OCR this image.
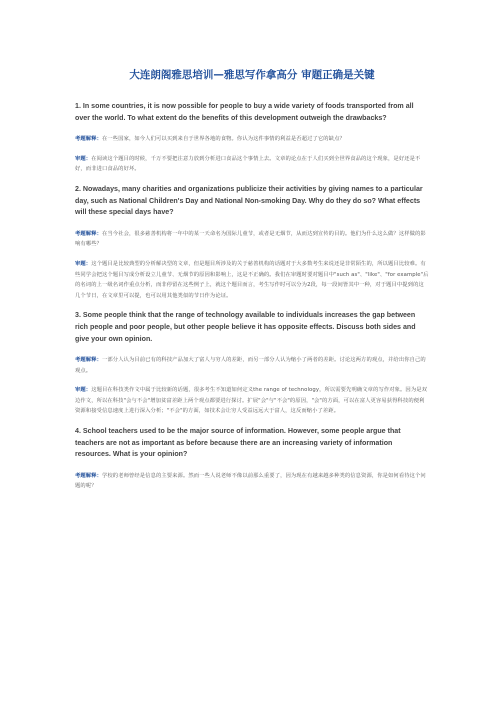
大连朗阁雅思培训—雅思写作拿高分 审题正确是关键
1. In some countries, it is now possible for people to buy a wide variety of foods transported from all over the world. To what extent do the benefits of this development outweigh the drawbacks?
考题解释：在一些国家，如今人们可以买到来自于世界各地的食物。你认为这件事情的利益是否超过了它的缺点？
审题：在阅读这个题目的时候，千万不要把注意力放到分析进口食品这个事情上去。文章的论点在于人们买到全世界食品的这个现象，是好还是不好，而非进口食品的好坏。
2. Nowadays, many charities and organizations publicize their activities by giving names to a particular day, such as National Children's Day and National Non-smoking Day. Why do they do so? What effects will these special days have?
考题解释：在当今社会，很多慈善机构将一年中的某一天命名为国际儿童节，或者是无烟节，从而达到宣传的目的。他们为什么这么做？这样做的影响有哪些？
审题：这个题目是比较典型的分析解决型的文章，但是题目所涉及的关于慈善机构的话题对于大多数考生来说还是非常陌生的，所以题目比较难。有些同学会把这个题目写成分析设立儿童节、无烟节的原因和影响上，这是不正确的。我们在审题时要对题目中"such as"、"like"、"for example"后的名词的上一级名词作重点分析，而非停留在这些例子上，就这个题目而言，考生写作时可以分为2段，每一段间皆其中一种，对于题目中提到的这几个节日，在文章里可以提，也可以用其他类似的节日作为论证。
3. Some people think that the range of technology available to individuals increases the gap between rich people and poor people, but other people believe it has opposite effects. Discuss both sides and give your own opinion.
考题解释：一部分人认为目前已有的科技产品加大了富人与穷人的差距，而另一部分人认为缩小了两者的差距。讨论这两方的观点，并给出你自己的观点。
审题：这题目在科技类作文中属于比较新的话题，很多考生不知道如何定义the range of technology，所以需要先明确文章的写作对象。因为是双边作文，所以在科技"会与不会"增加贫富差距上两个观点都要进行探讨。扩展"会"与"不会"的原因，"会"的方面，可以在富人更容易获得科技的便利资源和接受信息速度上进行深入分析；"不会"的方面，如技术会让穷人受益远远大于富人，这反而缩小了差距。
4. School teachers used to be the major source of information. However, some people argue that teachers are not as important as before because there are an increasing variety of information resources. What is your opinion?
考题解释：学校的老师曾经是信息的主要来源。然而一些人说老师不像以前那么重要了，因为现在有越来越多种类的信息资源，你是如何看待这个问题的呢？
